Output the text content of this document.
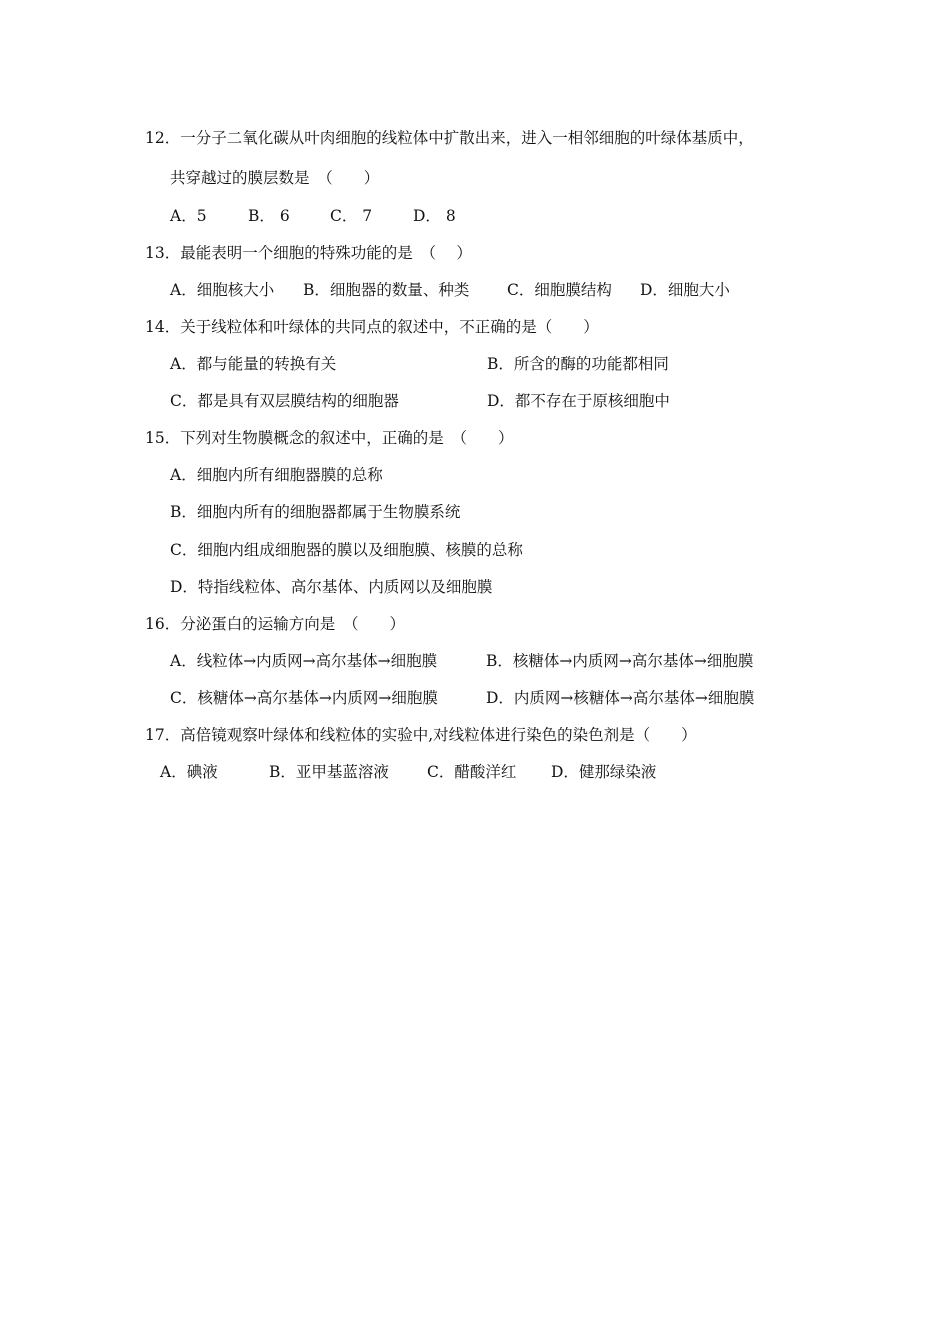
12．一分子二氧化碳从叶肉细胞的线粒体中扩散出来，进入一相邻细胞的叶绿体基质中，
共穿越过的膜层数是　（　　）
A．5	B． 6	C． 7	D． 8
13．最能表明一个细胞的特殊功能的是　（　 ）
A．细胞核大小 B．细胞器的数量、种类 C．细胞膜结构 D．细胞大小
14．关于线粒体和叶绿体的共同点的叙述中，不正确的是（　　）
A．都与能量的转换有关	B．所含的酶的功能都相同
C．都是具有双层膜结构的细胞器	D．都不存在于原核细胞中
15．下列对生物膜概念的叙述中，正确的是　（　　）
A．细胞内所有细胞器膜的总称
B．细胞内所有的细胞器都属于生物膜系统
C．细胞内组成细胞器的膜以及细胞膜、核膜的总称
D．特指线粒体、高尔基体、内质网以及细胞膜
16．分泌蛋白的运输方向是　（　　）
A．线粒体→内质网→高尔基体→细胞膜	B．核糖体→内质网→高尔基体→细胞膜
C．核糖体→高尔基体→内质网→细胞膜	D．内质网→核糖体→高尔基体→细胞膜
17．高倍镜观察叶绿体和线粒体的实验中,对线粒体进行染色的染色剂是（　　）
A．碘液	B．亚甲基蓝溶液 C．醋酸洋红 D．健那绿染液
